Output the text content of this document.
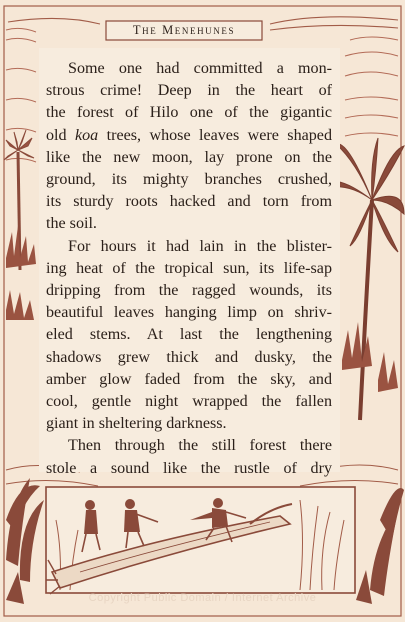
The Menehunes
Some one had committed a mon-
strous crime! Deep in the heart of
the forest of Hilo one of the gigantic
old koa trees, whose leaves were shaped
like the new moon, lay prone on the
ground, its mighty branches crushed,
its sturdy roots hacked and torn from
the soil.
For hours it had lain in the blister-
ing heat of the tropical sun, its life-sap
dripping from the ragged wounds, its
beautiful leaves hanging limp on shriv-
eled stems. At last the lengthening
shadows grew thick and dusky, the
amber glow faded from the sky, and
cool, gentle night wrapped the fallen
giant in sheltering darkness.
Then through the still forest there
stole a sound like the rustle of dry
Copyright Public Domain / Internet Archive
